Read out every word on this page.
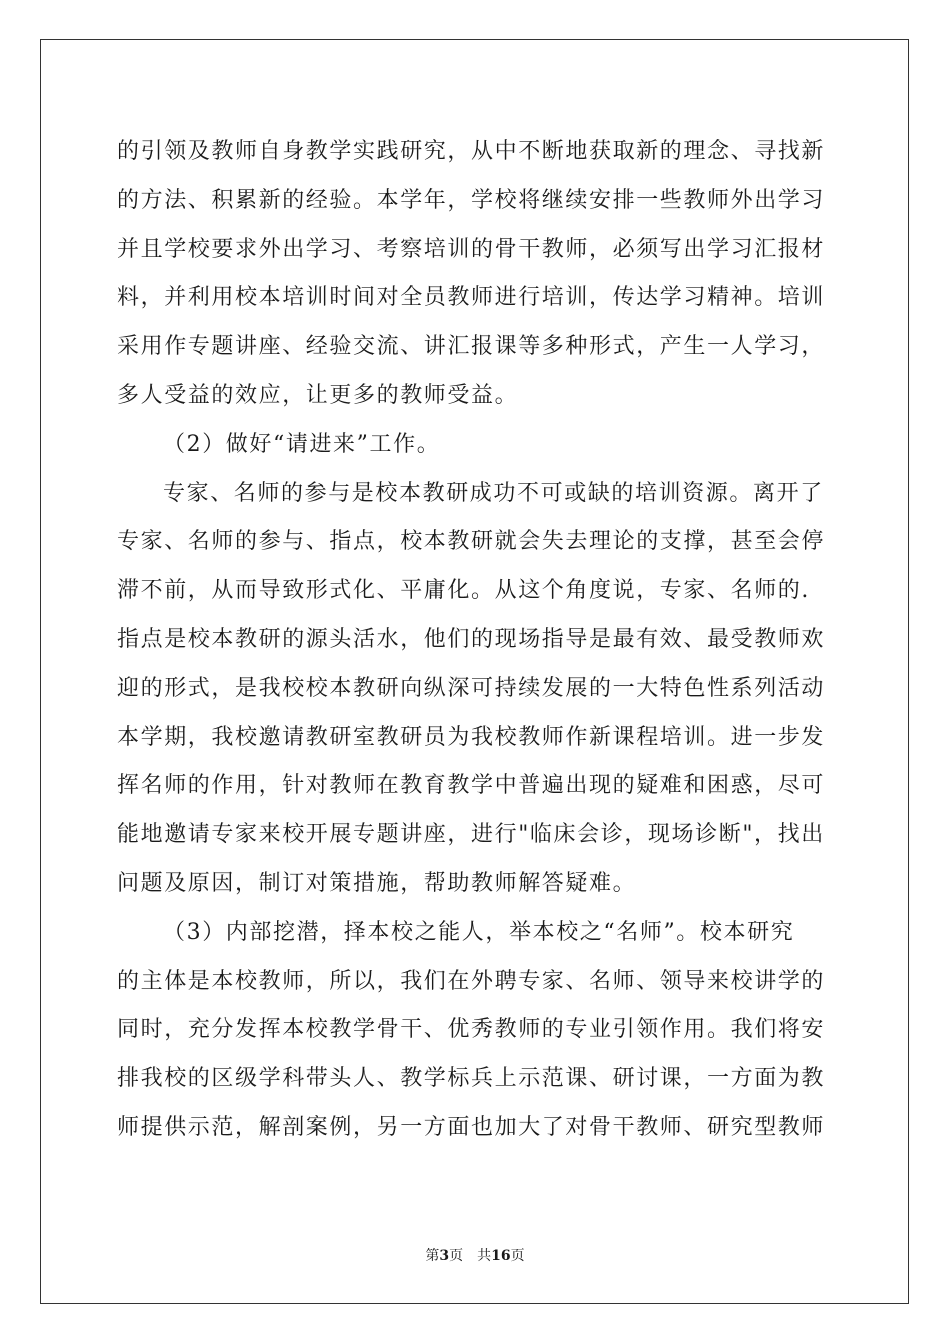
的引领及教师自身教学实践研究，从中不断地获取新的理念、寻找新
的方法、积累新的经验。本学年，学校将继续安排一些教师外出学习
并且学校要求外出学习、考察培训的骨干教师，必须写出学习汇报材
料，并利用校本培训时间对全员教师进行培训，传达学习精神。培训
采用作专题讲座、经验交流、讲汇报课等多种形式，产生一人学习，
多人受益的效应，让更多的教师受益。
（2）做好“请进来”工作。
专家、名师的参与是校本教研成功不可或缺的培训资源。离开了
专家、名师的参与、指点，校本教研就会失去理论的支撑，甚至会停
滞不前，从而导致形式化、平庸化。从这个角度说，专家、名师的.
指点是校本教研的源头活水，他们的现场指导是最有效、最受教师欢
迎的形式，是我校校本教研向纵深可持续发展的一大特色性系列活动
本学期，我校邀请教研室教研员为我校教师作新课程培训。进一步发
挥名师的作用，针对教师在教育教学中普遍出现的疑难和困惑，尽可
能地邀请专家来校开展专题讲座，进行"临床会诊，现场诊断"，找出
问题及原因，制订对策措施，帮助教师解答疑难。
（3）内部挖潜，择本校之能人，举本校之“名师”。校本研究
的主体是本校教师，所以，我们在外聘专家、名师、领导来校讲学的
同时，充分发挥本校教学骨干、优秀教师的专业引领作用。我们将安
排我校的区级学科带头人、教学标兵上示范课、研讨课，一方面为教
师提供示范，解剖案例，另一方面也加大了对骨干教师、研究型教师
第3页 共16页
